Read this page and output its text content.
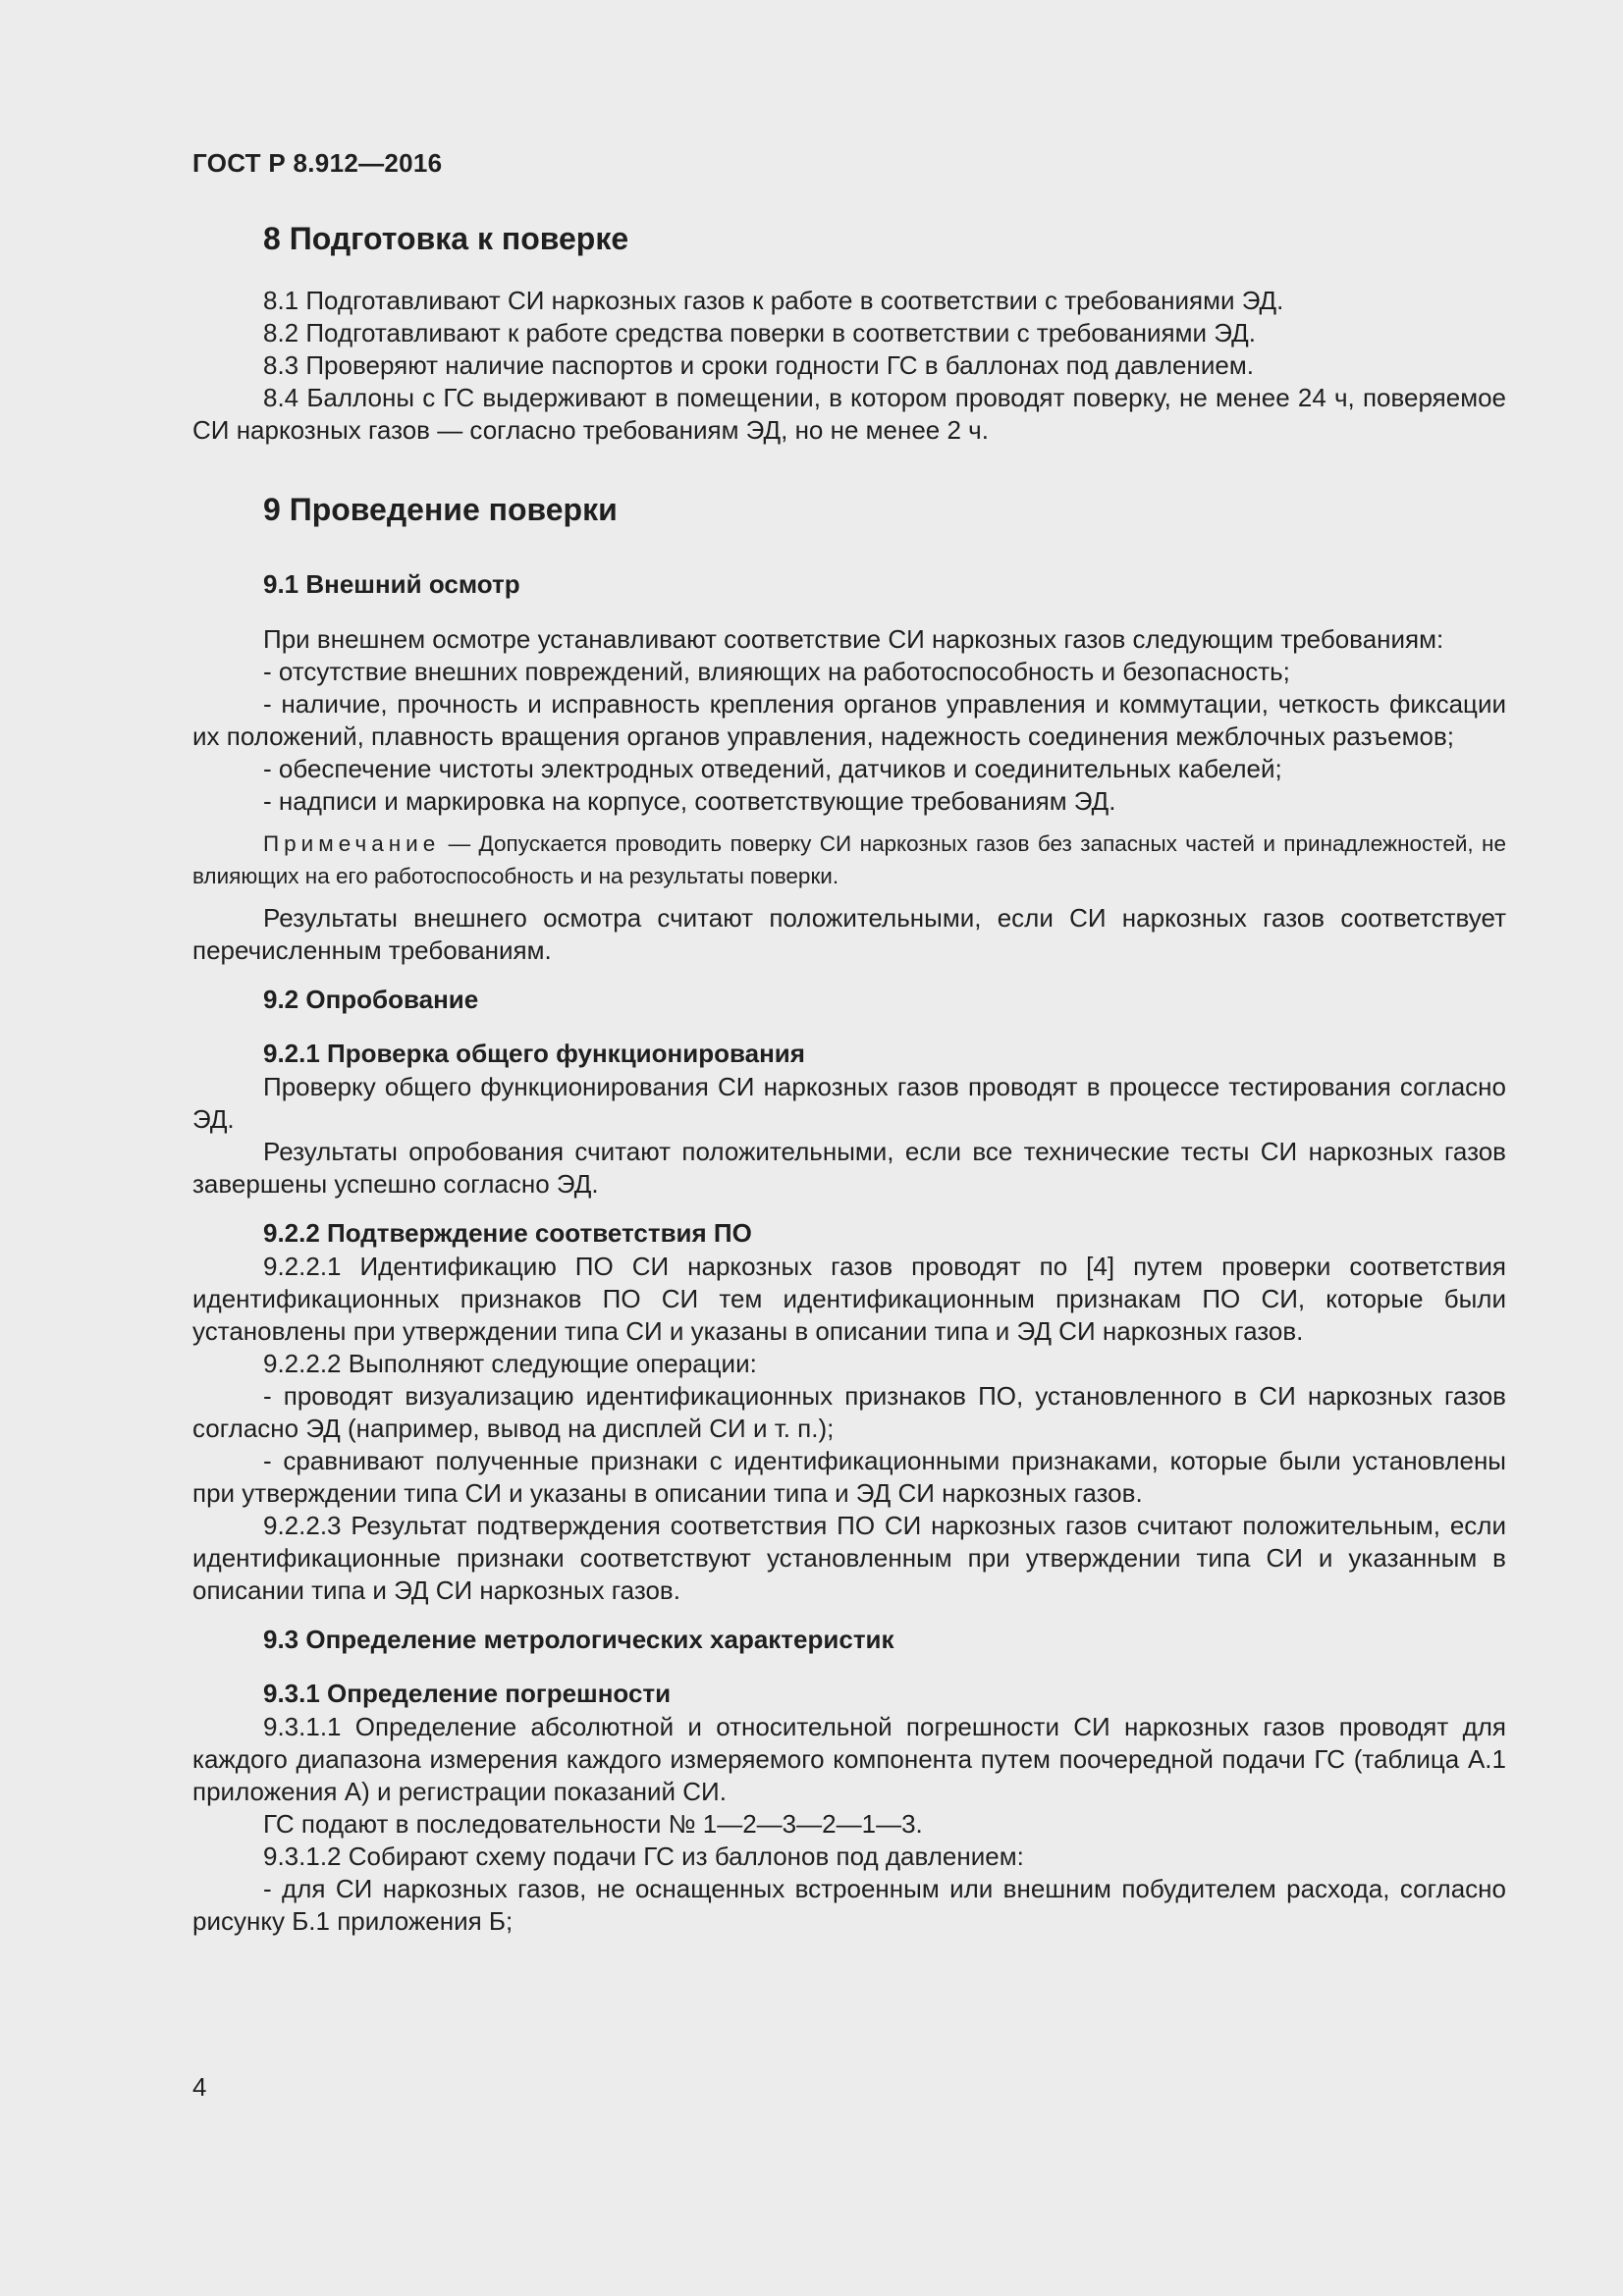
ГОСТ Р 8.912—2016
8 Подготовка к поверке

8.1 Подготавливают СИ наркозных газов к работе в соответствии с требованиями ЭД.

8.2 Подготавливают к работе средства поверки в соответствии с требованиями ЭД.

8.3 Проверяют наличие паспортов и сроки годности ГС в баллонах под давлением.

8.4 Баллоны с ГС выдерживают в помещении, в котором проводят поверку, не менее 24 ч, поверяемое СИ наркозных газов — согласно требованиям ЭД, но не менее 2 ч.

9 Проведение поверки
9.1 Внешний осмотр

При внешнем осмотре устанавливают соответствие СИ наркозных газов следующим требованиям:

- отсутствие внешних повреждений, влияющих на работоспособность и безопасность;

- наличие, прочность и исправность крепления органов управления и коммутации, четкость фиксации их положений, плавность вращения органов управления, надежность соединения межблочных разъемов;

- обеспечение чистоты электродных отведений, датчиков и соединительных кабелей;

- надписи и маркировка на корпусе, соответствующие требованиям ЭД.

Примечание — Допускается проводить поверку СИ наркозных газов без запасных частей и принадлежностей, не влияющих на его работоспособность и на результаты поверки.

Результаты внешнего осмотра считают положительными, если СИ наркозных газов соответствует перечисленным требованиям.

9.2 Опробование
9.2.1 Проверка общего функционирования

Проверку общего функционирования СИ наркозных газов проводят в процессе тестирования согласно ЭД.

Результаты опробования считают положительными, если все технические тесты СИ наркозных газов завершены успешно согласно ЭД.

9.2.2 Подтверждение соответствия ПО

9.2.2.1 Идентификацию ПО СИ наркозных газов проводят по [4] путем проверки соответствия идентификационных признаков ПО СИ тем идентификационным признакам ПО СИ, которые были установлены при утверждении типа СИ и указаны в описании типа и ЭД СИ наркозных газов.

9.2.2.2 Выполняют следующие операции:

- проводят визуализацию идентификационных признаков ПО, установленного в СИ наркозных газов согласно ЭД (например, вывод на дисплей СИ и т. п.);

- сравнивают полученные признаки с идентификационными признаками, которые были установлены при утверждении типа СИ и указаны в описании типа и ЭД СИ наркозных газов.

9.2.2.3 Результат подтверждения соответствия ПО СИ наркозных газов считают положительным, если идентификационные признаки соответствуют установленным при утверждении типа СИ и указанным в описании типа и ЭД СИ наркозных газов.

9.3 Определение метрологических характеристик
9.3.1 Определение погрешности

9.3.1.1 Определение абсолютной и относительной погрешности СИ наркозных газов проводят для каждого диапазона измерения каждого измеряемого компонента путем поочередной подачи ГС (таблица А.1 приложения А) и регистрации показаний СИ.

ГС подают в последовательности № 1—2—3—2—1—3.

9.3.1.2 Собирают схему подачи ГС из баллонов под давлением:

- для СИ наркозных газов, не оснащенных встроенным или внешним побудителем расхода, согласно рисунку Б.1 приложения Б;

4
